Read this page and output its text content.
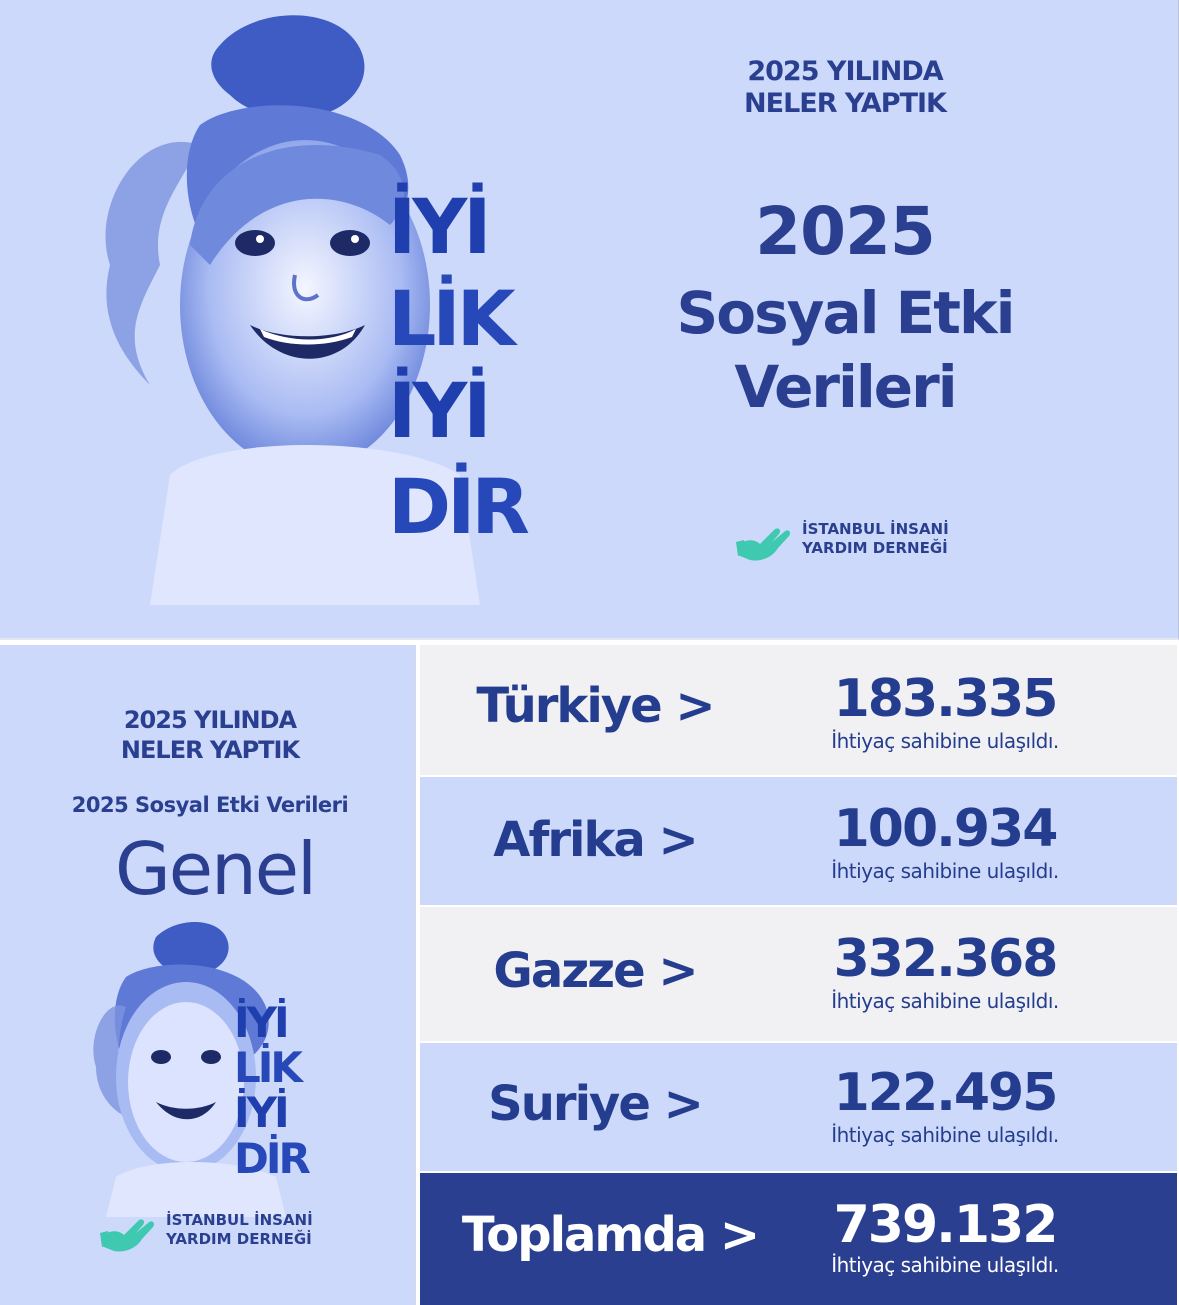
İYİ
LİK
İYİ
DİR
2025 YILINDA
NELER YAPTIK
2025
Sosyal Etki
Verileri
İSTANBUL İNSANİ
YARDIM DERNEĞİ
2025 YILINDA
NELER YAPTIK
2025 Sosyal Etki Verileri
Genel
İYİ
LİK
İYİ
DİR
İSTANBUL İNSANİ
YARDIM DERNEĞİ
Türkiye >	183.335
İhtiyaç sahibine ulaşıldı.
Afrika >	100.934
İhtiyaç sahibine ulaşıldı.
Gazze >	332.368
İhtiyaç sahibine ulaşıldı.
Suriye >	122.495
İhtiyaç sahibine ulaşıldı.
Toplamda >	739.132
İhtiyaç sahibine ulaşıldı.
